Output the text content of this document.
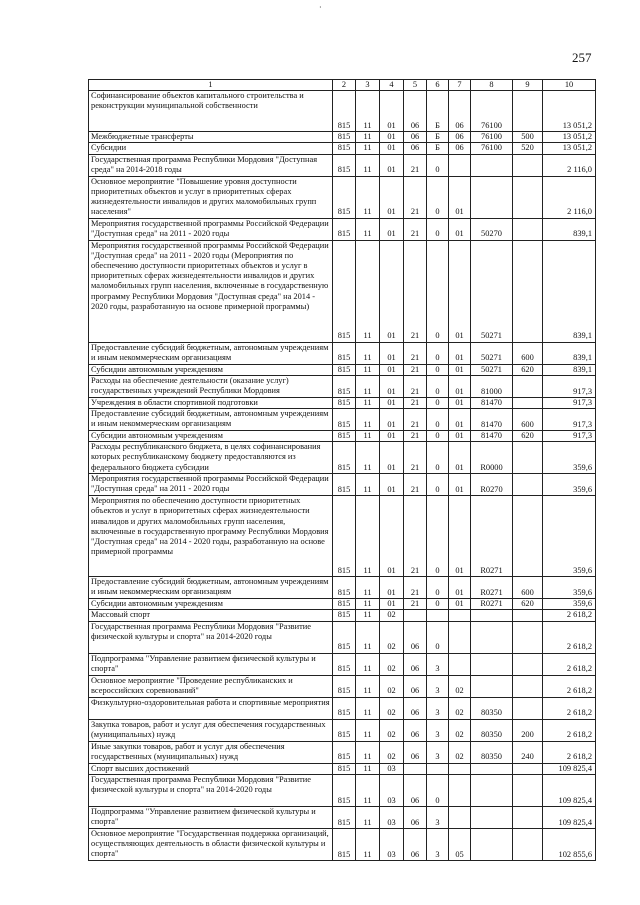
·
257
1	2	3	4	5	6	7	8	9	10
Софинансирование объектов капитального строительства и реконструкции муниципальной собственности	815	11	01	06	Б	06	76100		13 051,2
Межбюджетные трансферты	815	11	01	06	Б	06	76100	500	13 051,2
Субсидии	815	11	01	06	Б	06	76100	520	13 051,2
Государственная программа Республики Мордовия "Доступная среда" на 2014-2018 годы	815	11	01	21	0				2 116,0
Основное мероприятие "Повышение уровня доступности приоритетных объектов и услуг в приоритетных сферах жизнедеятельности инвалидов и других маломобильных групп населения"	815	11	01	21	0	01			2 116,0
Мероприятия государственной программы Российской Федерации "Доступная среда" на 2011 - 2020 годы	815	11	01	21	0	01	50270		839,1
Мероприятия государственной программы Российской Федерации "Доступная среда" на 2011 - 2020 годы (Мероприятия по обеспечению доступности приоритетных объектов и услуг в приоритетных сферах жизнедеятельности инвалидов и других маломобильных групп населения, включенные в государственную программу Республики Мордовия "Доступная среда" на 2014 - 2020 годы, разработанную на основе примерной программы)	815	11	01	21	0	01	50271		839,1
Предоставление субсидий бюджетным, автономным учреждениям и иным некоммерческим организациям	815	11	01	21	0	01	50271	600	839,1
Субсидии автономным учреждениям	815	11	01	21	0	01	50271	620	839,1
Расходы на обеспечение деятельности (оказание услуг) государственных учреждений Республики Мордовия	815	11	01	21	0	01	81000		917,3
Учреждения в области спортивной подготовки	815	11	01	21	0	01	81470		917,3
Предоставление субсидий бюджетным, автономным учреждениям и иным некоммерческим организациям	815	11	01	21	0	01	81470	600	917,3
Субсидии автономным учреждениям	815	11	01	21	0	01	81470	620	917,3
Расходы республиканского бюджета, в целях софинансирования которых республиканскому бюджету предоставляются из федерального бюджета субсидии	815	11	01	21	0	01	R0000		359,6
Мероприятия государственной программы Российской Федерации "Доступная среда" на 2011 - 2020 годы	815	11	01	21	0	01	R0270		359,6
Мероприятия по обеспечению доступности приоритетных объектов и услуг в приоритетных сферах жизнедеятельности инвалидов и других маломобильных групп населения, включенные в государственную программу Республики Мордовия "Доступная среда" на 2014 - 2020 годы, разработанную на основе примерной программы	815	11	01	21	0	01	R0271		359,6
Предоставление субсидий бюджетным, автономным учреждениям и иным некоммерческим организациям	815	11	01	21	0	01	R0271	600	359,6
Субсидии автономным учреждениям	815	11	01	21	0	01	R0271	620	359,6
Массовый спорт	815	11	02						2 618,2
Государственная программа Республики Мордовия "Развитие физической культуры и спорта" на 2014-2020 годы	815	11	02	06	0				2 618,2
Подпрограмма "Управление развитием физической культуры и спорта"	815	11	02	06	3				2 618,2
Основное мероприятие "Проведение республиканских и всероссийских соревнований"	815	11	02	06	3	02			2 618,2
Физкультурно-оздоровительная работа и спортивные мероприятия	815	11	02	06	3	02	80350		2 618,2
Закупка товаров, работ и услуг для обеспечения государственных (муниципальных) нужд	815	11	02	06	3	02	80350	200	2 618,2
Иные закупки товаров, работ и услуг для обеспечения государственных (муниципальных) нужд	815	11	02	06	3	02	80350	240	2 618,2
Спорт высших достижений	815	11	03						109 825,4
Государственная программа Республики Мордовия "Развитие физической культуры и спорта" на 2014-2020 годы	815	11	03	06	0				109 825,4
Подпрограмма "Управление развитием физической культуры и спорта"	815	11	03	06	3				109 825,4
Основное мероприятие "Государственная поддержка организаций, осуществляющих деятельность в области физической культуры и спорта"	815	11	03	06	3	05			102 855,6
